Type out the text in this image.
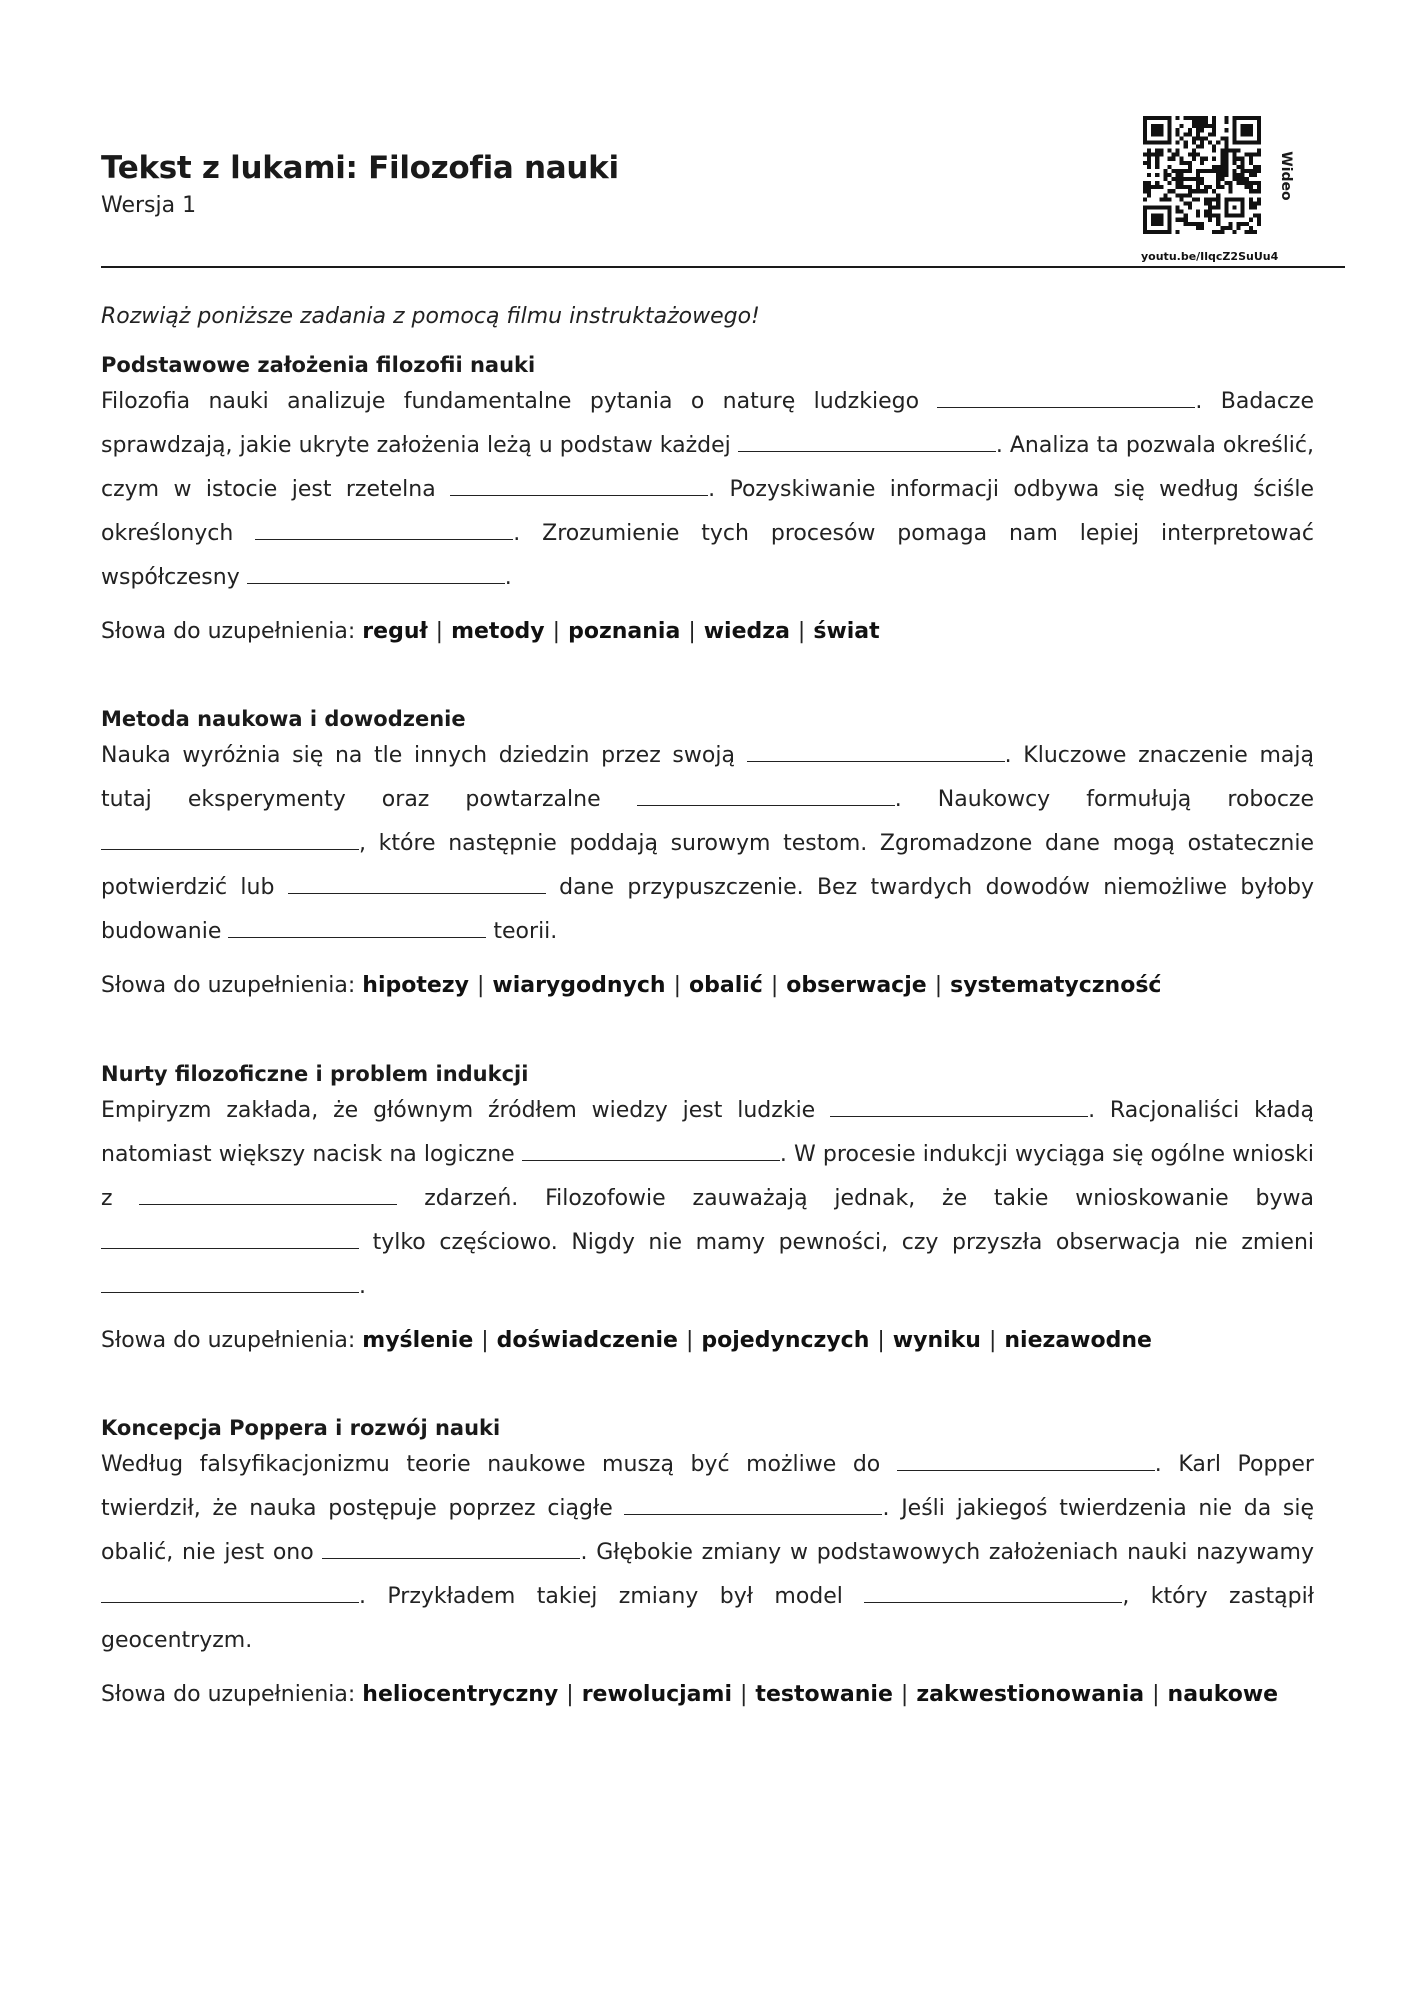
Tekst z lukami: Filozofia nauki
Wersja 1
youtu.be/IlqcZ2SuUu4
Wideo
Rozwiąż poniższe zadania z pomocą filmu instruktażowego!
Podstawowe założenia filozofii nauki

Filozofia nauki analizuje fundamentalne pytania o naturę ludzkiego	. Badacze sprawdzają, jakie ukryte założenia leżą u podstaw każdej	. Analiza ta pozwala określić, czym w istocie jest rzetelna	. Pozyskiwanie informacji odbywa się według ściśle określonych	. Zrozumienie tych procesów pomaga nam lepiej interpretować współczesny	.

Słowa do uzupełnienia: reguł | metody | poznania | wiedza | świat
Metoda naukowa i dowodzenie

Nauka wyróżnia się na tle innych dziedzin przez swoją	. Kluczowe znaczenie mają tutaj eksperymenty oraz powtarzalne	. Naukowcy formułują robocze , które następnie poddają surowym testom. Zgromadzone dane mogą ostatecznie potwierdzić lub	dane przypuszczenie. Bez twardych dowodów niemożliwe byłoby budowanie	teorii.

Słowa do uzupełnienia: hipotezy | wiarygodnych | obalić | obserwacje | systematyczność
Nurty filozoficzne i problem indukcji

Empiryzm zakłada, że głównym źródłem wiedzy jest ludzkie	. Racjonaliści kładą natomiast większy nacisk na logiczne	. W procesie indukcji wyciąga się ogólne wnioski z	zdarzeń. Filozofowie zauważają jednak, że takie wnioskowanie bywa  tylko częściowo. Nigdy nie mamy pewności, czy przyszła obserwacja nie zmieni .

Słowa do uzupełnienia: myślenie | doświadczenie | pojedynczych | wyniku | niezawodne
Koncepcja Poppera i rozwój nauki

Według falsyfikacjonizmu teorie naukowe muszą być możliwe do	. Karl Popper twierdził, że nauka postępuje poprzez ciągłe	. Jeśli jakiegoś twierdzenia nie da się obalić, nie jest ono	. Głębokie zmiany w podstawowych założeniach nauki nazywamy . Przykładem takiej zmiany był model	, który zastąpił geocentryzm.

Słowa do uzupełnienia: heliocentryczny | rewolucjami | testowanie | zakwestionowania | naukowe
